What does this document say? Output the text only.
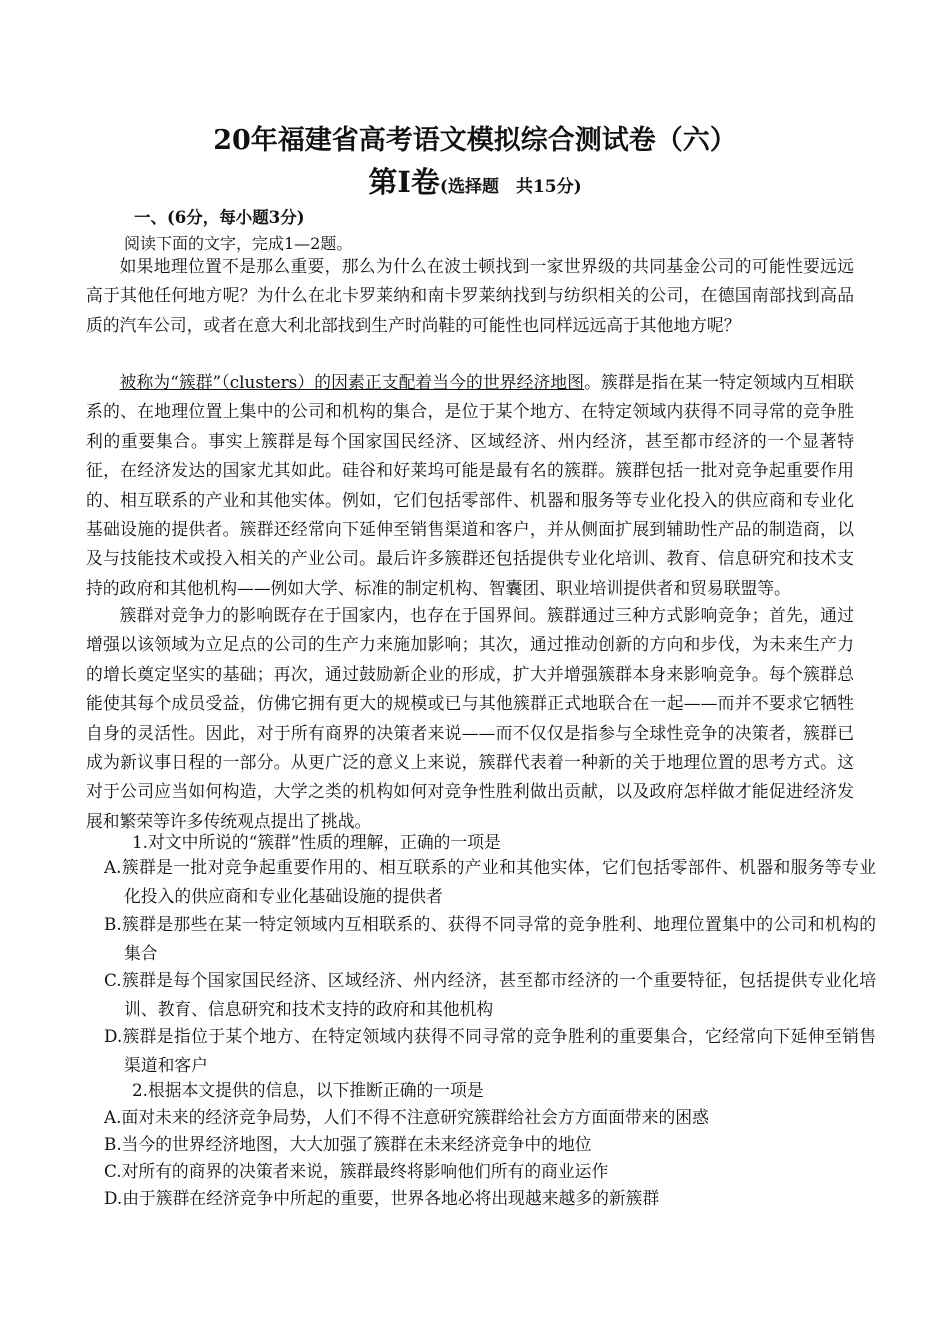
20年福建省高考语文模拟综合测试卷（六）
第Ⅰ卷(选择题　共15分)
一、(6分，每小题3分)
阅读下面的文字，完成1—2题。

如果地理位置不是那么重要，那么为什么在波士顿找到一家世界级的共同基金公司的可能性要远远高于其他任何地方呢？为什么在北卡罗莱纳和南卡罗莱纳找到与纺织相关的公司，在德国南部找到高品质的汽车公司，或者在意大利北部找到生产时尚鞋的可能性也同样远远高于其他地方呢？

被称为“簇群”（clusters）的因素正支配着当今的世界经济地图。簇群是指在某一特定领域内互相联系的、在地理位置上集中的公司和机构的集合，是位于某个地方、在特定领域内获得不同寻常的竞争胜利的重要集合。事实上簇群是每个国家国民经济、区域经济、州内经济，甚至都市经济的一个显著特征，在经济发达的国家尤其如此。硅谷和好莱坞可能是最有名的簇群。簇群包括一批对竞争起重要作用的、相互联系的产业和其他实体。例如，它们包括零部件、机器和服务等专业化投入的供应商和专业化基础设施的提供者。簇群还经常向下延伸至销售渠道和客户，并从侧面扩展到辅助性产品的制造商，以及与技能技术或投入相关的产业公司。最后许多簇群还包括提供专业化培训、教育、信息研究和技术支持的政府和其他机构——例如大学、标准的制定机构、智囊团、职业培训提供者和贸易联盟等。

簇群对竞争力的影响既存在于国家内，也存在于国界间。簇群通过三种方式影响竞争；首先，通过增强以该领域为立足点的公司的生产力来施加影响；其次，通过推动创新的方向和步伐，为未来生产力的增长奠定坚实的基础；再次，通过鼓励新企业的形成，扩大并增强簇群本身来影响竞争。每个簇群总能使其每个成员受益，仿佛它拥有更大的规模或已与其他簇群正式地联合在一起——而并不要求它牺牲自身的灵活性。因此，对于所有商界的决策者来说——而不仅仅是指参与全球性竞争的决策者，簇群已成为新议事日程的一部分。从更广泛的意义上来说，簇群代表着一种新的关于地理位置的思考方式。这对于公司应当如何构造，大学之类的机构如何对竞争性胜利做出贡献，以及政府怎样做才能促进经济发展和繁荣等许多传统观点提出了挑战。

1.对文中所说的“簇群”性质的理解，正确的一项是

A.簇群是一批对竞争起重要作用的、相互联系的产业和其他实体，它们包括零部件、机器和服务等专业化投入的供应商和专业化基础设施的提供者

B.簇群是那些在某一特定领域内互相联系的、获得不同寻常的竞争胜利、地理位置集中的公司和机构的集合

C.簇群是每个国家国民经济、区域经济、州内经济，甚至都市经济的一个重要特征，包括提供专业化培训、教育、信息研究和技术支持的政府和其他机构

D.簇群是指位于某个地方、在特定领域内获得不同寻常的竞争胜利的重要集合，它经常向下延伸至销售渠道和客户

2.根据本文提供的信息，以下推断正确的一项是
A.面对未来的经济竞争局势，人们不得不注意研究簇群给社会方方面面带来的困惑
B.当今的世界经济地图，大大加强了簇群在未来经济竞争中的地位
C.对所有的商界的决策者来说，簇群最终将影响他们所有的商业运作
D.由于簇群在经济竞争中所起的重要，世界各地必将出现越来越多的新簇群
